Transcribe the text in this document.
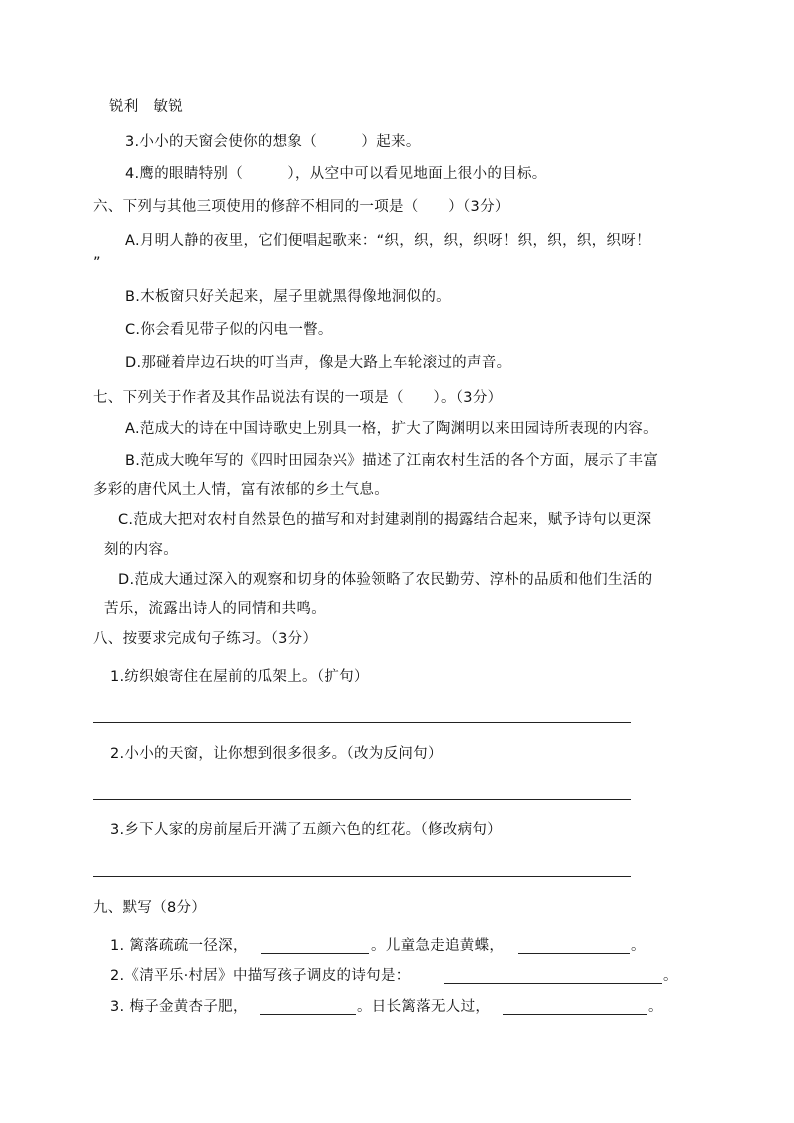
锐利　敏锐
3.小小的天窗会使你的想象（　　　）起来。
4.鹰的眼睛特别（　　　），从空中可以看见地面上很小的目标。
六、下列与其他三项使用的修辞不相同的一项是（　　）（3分）
A.月明人静的夜里，它们便唱起歌来：“织，织，织，织呀！织，织，织，织呀！
”
B.木板窗只好关起来，屋子里就黑得像地洞似的。
C.你会看见带子似的闪电一瞥。
D.那碰着岸边石块的叮当声，像是大路上车轮滚过的声音。
七、下列关于作者及其作品说法有误的一项是（　　）。（3分）
A.范成大的诗在中国诗歌史上别具一格，扩大了陶渊明以来田园诗所表现的内容。
B.范成大晚年写的《四时田园杂兴》描述了江南农村生活的各个方面，展示了丰富
多彩的唐代风土人情，富有浓郁的乡土气息。
C.范成大把对农村自然景色的描写和对封建剥削的揭露结合起来，赋予诗句以更深
刻的内容。
D.范成大通过深入的观察和切身的体验领略了农民勤劳、淳朴的品质和他们生活的
苦乐，流露出诗人的同情和共鸣。
八、按要求完成句子练习。（3分）
1.纺织娘寄住在屋前的瓜架上。（扩句）
2.小小的天窗，让你想到很多很多。（改为反问句）
3.乡下人家的房前屋后开满了五颜六色的红花。（修改病句）
九、默写（8分）
1. 篱落疏疏一径深，	。儿童急走追黄蝶，	。
2.《清平乐·村居》中描写孩子调皮的诗句是：	。
3. 梅子金黄杏子肥，	。日长篱落无人过，	。
